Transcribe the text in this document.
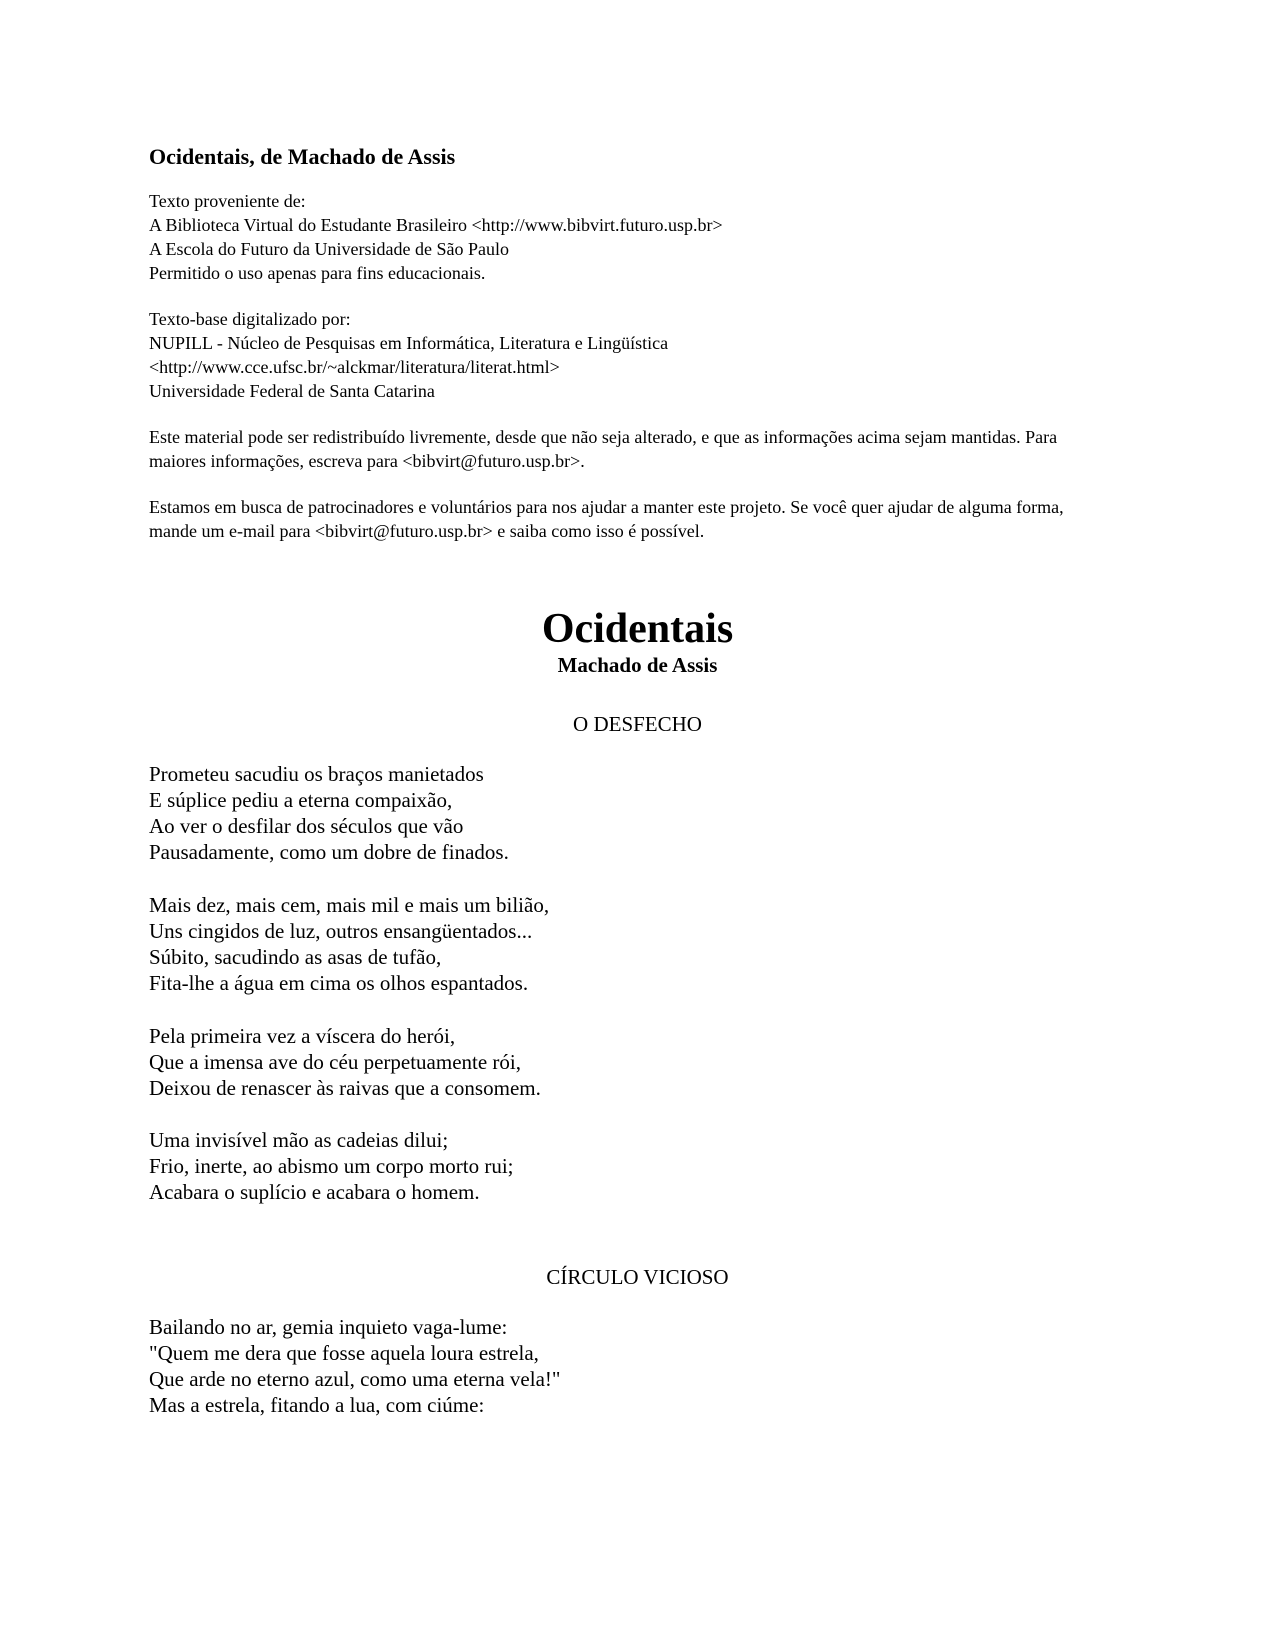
Ocidentais, de Machado de Assis
Texto proveniente de:
A Biblioteca Virtual do Estudante Brasileiro <http://www.bibvirt.futuro.usp.br>
A Escola do Futuro da Universidade de São Paulo
Permitido o uso apenas para fins educacionais.
Texto-base digitalizado por:
NUPILL - Núcleo de Pesquisas em Informática, Literatura e Lingüística
<http://www.cce.ufsc.br/~alckmar/literatura/literat.html>
Universidade Federal de Santa Catarina

Este material pode ser redistribuído livremente, desde que não seja alterado, e que as informações acima sejam mantidas. Para maiores informações, escreva para <bibvirt@futuro.usp.br>.

Estamos em busca de patrocinadores e voluntários para nos ajudar a manter este projeto. Se você quer ajudar de alguma forma, mande um e-mail para <bibvirt@futuro.usp.br> e saiba como isso é possível.

Ocidentais
Machado de Assis
O DESFECHO
Prometeu sacudiu os braços manietados
E súplice pediu a eterna compaixão,
Ao ver o desfilar dos séculos que vão
Pausadamente, como um dobre de finados.
Mais dez, mais cem, mais mil e mais um bilião,
Uns cingidos de luz, outros ensangüentados...
Súbito, sacudindo as asas de tufão,
Fita-lhe a água em cima os olhos espantados.
Pela primeira vez a víscera do herói,
Que a imensa ave do céu perpetuamente rói,
Deixou de renascer às raivas que a consomem.
Uma invisível mão as cadeias dilui;
Frio, inerte, ao abismo um corpo morto rui;
Acabara o suplício e acabara o homem.
CÍRCULO VICIOSO
Bailando no ar, gemia inquieto vaga-lume:
"Quem me dera que fosse aquela loura estrela,
Que arde no eterno azul, como uma eterna vela!"
Mas a estrela, fitando a lua, com ciúme:
